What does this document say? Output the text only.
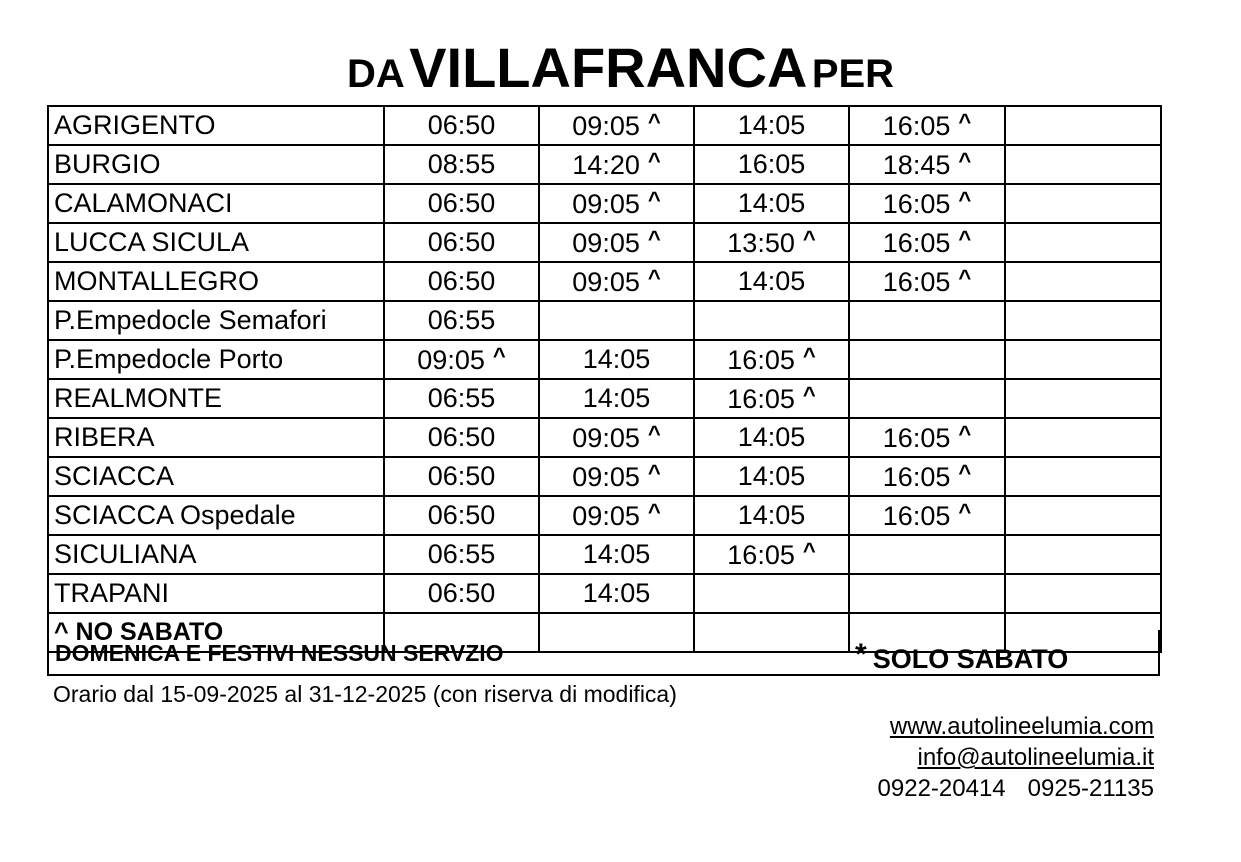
DA VILLAFRANCA PER
AGRIGENTO	06:50	09:05 ^	14:05	16:05 ^	
BURGIO	08:55	14:20 ^	16:05	18:45 ^	
CALAMONACI	06:50	09:05 ^	14:05	16:05 ^	
LUCCA SICULA	06:50	09:05 ^	13:50 ^	16:05 ^	
MONTALLEGRO	06:50	09:05 ^	14:05	16:05 ^	
P.Empedocle Semafori	06:55				
P.Empedocle Porto	09:05 ^	14:05	16:05 ^		
REALMONTE	06:55	14:05	16:05 ^		
RIBERA	06:50	09:05 ^	14:05	16:05 ^	
SCIACCA	06:50	09:05 ^	14:05	16:05 ^	
SCIACCA Ospedale	06:50	09:05 ^	14:05	16:05 ^	
SICULIANA	06:55	14:05	16:05 ^		
TRAPANI	06:50	14:05			
^ NO SABATO					
DOMENICA E FESTIVI NESSUN SERVZIO	* SOLO SABATO
Orario dal 15-09-2025 al 31-12-2025 (con riserva di modifica)
www.autolineelumia.com
info@autolineelumia.it
0922-20414 0925-21135
